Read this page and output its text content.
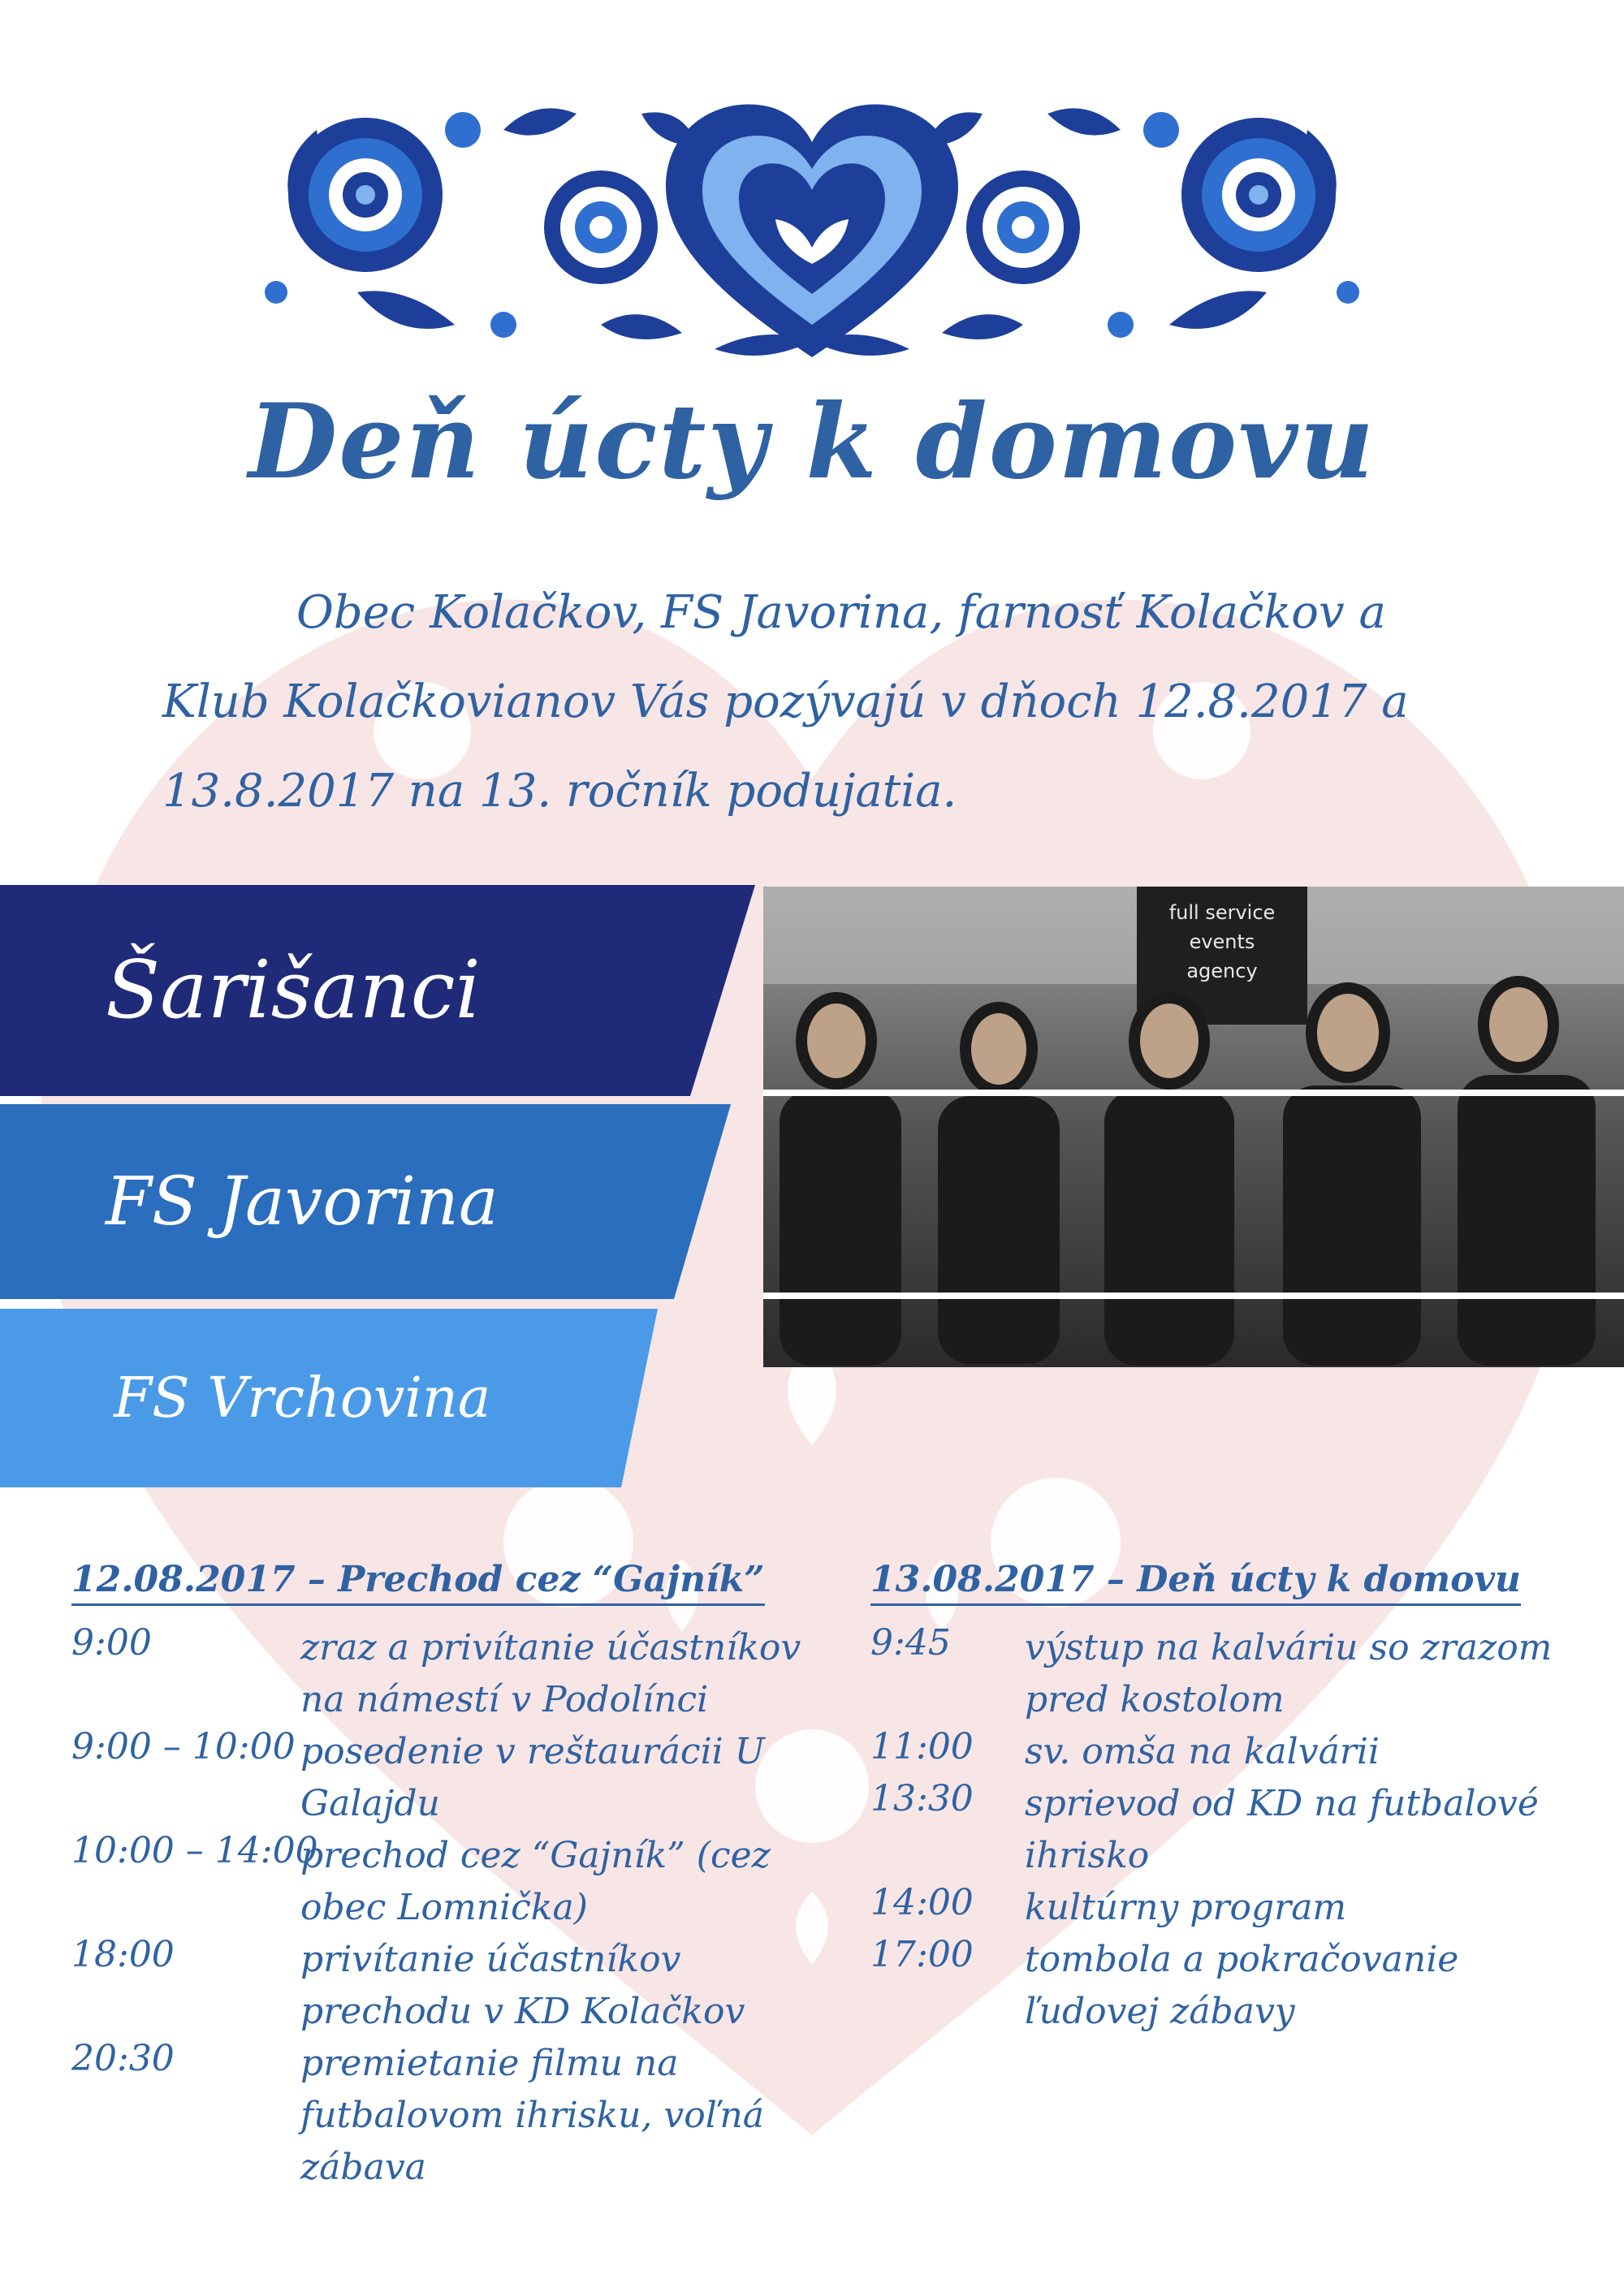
Deň úcty k domovu
Obec Kolačkov, FS Javorina, farnosť Kolačkov a
Klub Kolačkovianov Vás pozývajú v dňoch 12.8.2017 a
13.8.2017 na 13. ročník podujatia.
full service
events
agency
Šarišanci
FS Javorina
FS Vrchovina
12.08.2017 – Prechod cez “Gajník”
9:00	zraz a privítanie účastníkov na námestí v Podolínci
9:00 – 10:00 posedenie v reštaurácii U Galajdu
10:00 – 14:00
prechod cez “Gajník” (cez obec Lomnička)
18:00	privítanie účastníkov prechodu v KD Kolačkov
20:30	premietanie filmu na futbalovom ihrisku, voľná zábava
13.08.2017 – Deň úcty k domovu
9:45 výstup na kalváriu so zrazom pred kostolom
11:00 sv. omša na kalvárii
13:30 sprievod od KD na futbalové ihrisko
14:00 kultúrny program
17:00 tombola a pokračovanie ľudovej zábavy
